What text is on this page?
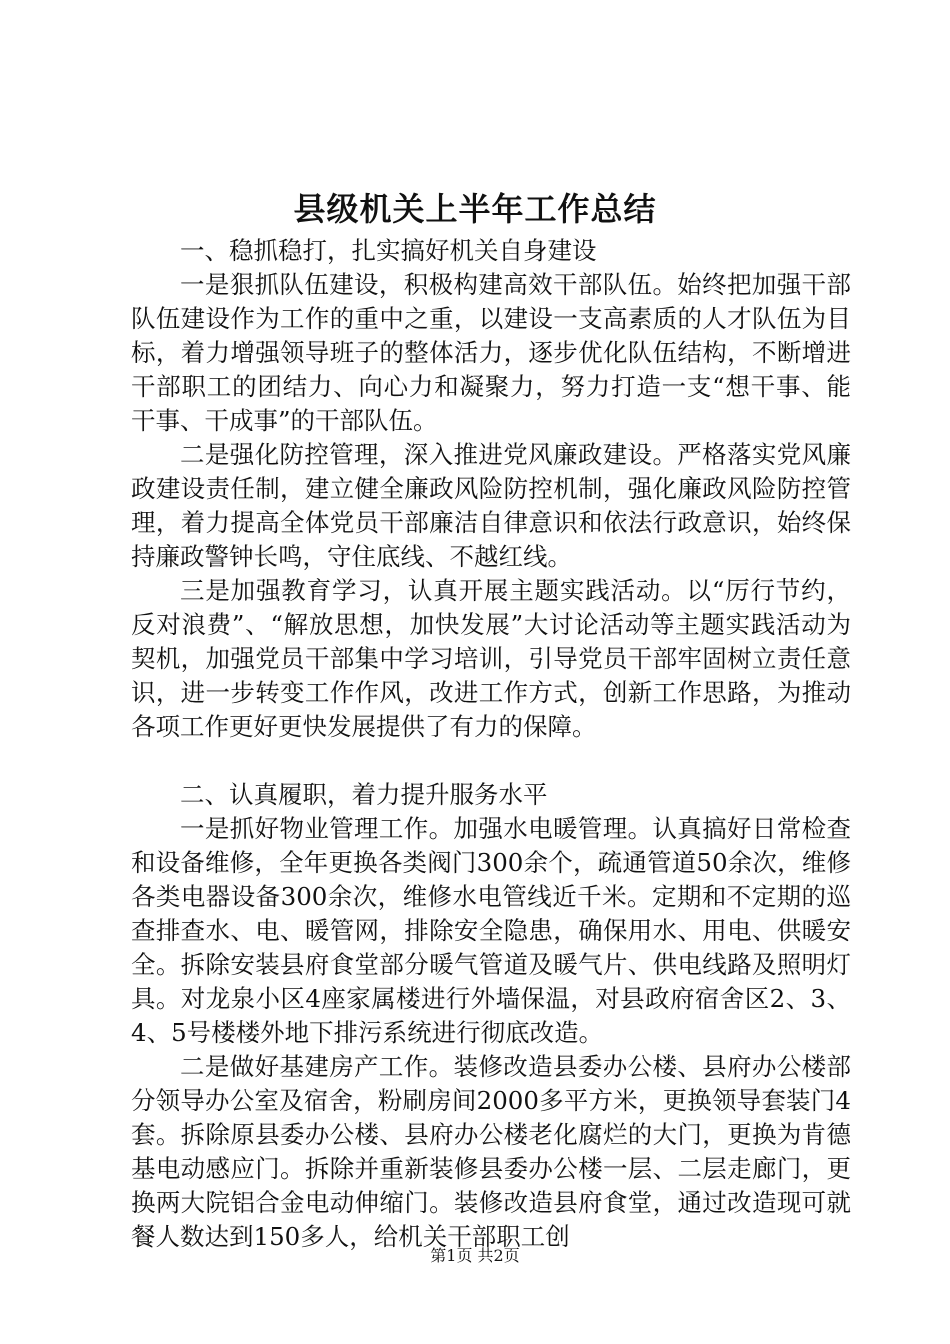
县级机关上半年工作总结

一、稳抓稳打，扎实搞好机关自身建设

一是狠抓队伍建设，积极构建高效干部队伍。始终把加强干部队伍建设作为工作的重中之重，以建设一支高素质的人才队伍为目标，着力增强领导班子的整体活力，逐步优化队伍结构，不断增进干部职工的团结力、向心力和凝聚力，努力打造一支“想干事、能干事、干成事”的干部队伍。

二是强化防控管理，深入推进党风廉政建设。严格落实党风廉政建设责任制，建立健全廉政风险防控机制，强化廉政风险防控管理，着力提高全体党员干部廉洁自律意识和依法行政意识，始终保持廉政警钟长鸣，守住底线、不越红线。

三是加强教育学习，认真开展主题实践活动。以“厉行节约，反对浪费”、“解放思想，加快发展”大讨论活动等主题实践活动为契机，加强党员干部集中学习培训，引导党员干部牢固树立责任意识，进一步转变工作作风，改进工作方式，创新工作思路，为推动各项工作更好更快发展提供了有力的保障。

二、认真履职，着力提升服务水平

一是抓好物业管理工作。加强水电暖管理。认真搞好日常检查和设备维修，全年更换各类阀门300余个，疏通管道50余次，维修各类电器设备300余次，维修水电管线近千米。定期和不定期的巡查排查水、电、暖管网，排除安全隐患，确保用水、用电、供暖安全。拆除安装县府食堂部分暖气管道及暖气片、供电线路及照明灯具。对龙泉小区4座家属楼进行外墙保温，对县政府宿舍区2、3、4、5号楼楼外地下排污系统进行彻底改造。

二是做好基建房产工作。装修改造县委办公楼、县府办公楼部分领导办公室及宿舍，粉刷房间2000多平方米，更换领导套装门4套。拆除原县委办公楼、县府办公楼老化腐烂的大门，更换为肯德基电动感应门。拆除并重新装修县委办公楼一层、二层走廊门，更换两大院铝合金电动伸缩门。装修改造县府食堂，通过改造现可就餐人数达到150多人，给机关干部职工创

第1页 共2页
